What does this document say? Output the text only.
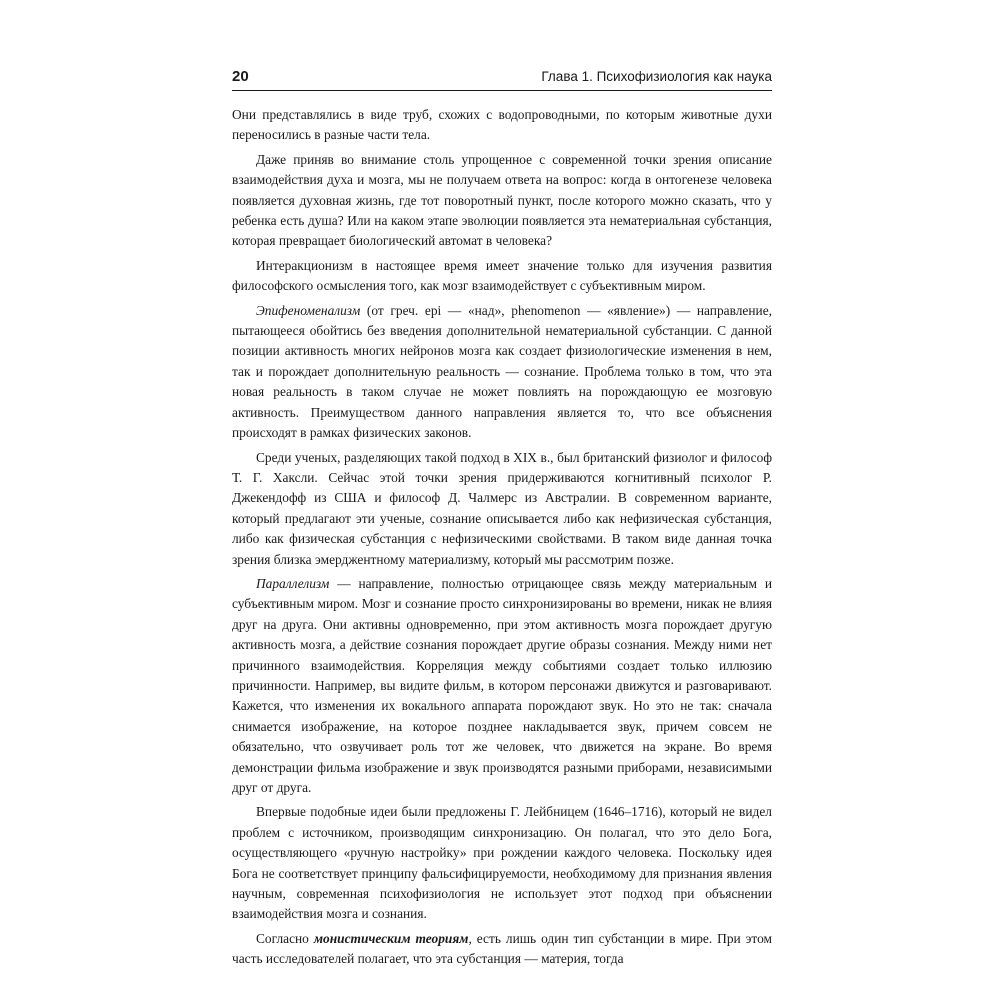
20	Глава 1. Психофизиология как наука

Они представлялись в виде труб, схожих с водопроводными, по которым животные духи переносились в разные части тела.

Даже приняв во внимание столь упрощенное с современной точки зрения описание взаимодействия духа и мозга, мы не получаем ответа на вопрос: когда в онтогенезе человека появляется духовная жизнь, где тот поворотный пункт, после которого можно сказать, что у ребенка есть душа? Или на каком этапе эволюции появляется эта нематериальная субстанция, которая превращает биологический автомат в человека?

Интеракционизм в настоящее время имеет значение только для изучения развития философского осмысления того, как мозг взаимодействует с субъективным миром.

Эпифеноменализм (от греч. epi — «над», phenomenon — «явление») — направление, пытающееся обойтись без введения дополнительной нематериальной субстанции. С данной позиции активность многих нейронов мозга как создает физиологические изменения в нем, так и порождает дополнительную реальность — сознание. Проблема только в том, что эта новая реальность в таком случае не может повлиять на порождающую ее мозговую активность. Преимуществом данного направления является то, что все объяснения происходят в рамках физических законов.

Среди ученых, разделяющих такой подход в XIX в., был британский физиолог и философ Т. Г. Хаксли. Сейчас этой точки зрения придерживаются когнитивный психолог Р. Джекендофф из США и философ Д. Чалмерс из Австралии. В современном варианте, который предлагают эти ученые, сознание описывается либо как нефизическая субстанция, либо как физическая субстанция с нефизическими свойствами. В таком виде данная точка зрения близка эмерджентному материализму, который мы рассмотрим позже.

Параллелизм — направление, полностью отрицающее связь между материальным и субъективным миром. Мозг и сознание просто синхронизированы во времени, никак не влияя друг на друга. Они активны одновременно, при этом активность мозга порождает другую активность мозга, а действие сознания порождает другие образы сознания. Между ними нет причинного взаимодействия. Корреляция между событиями создает только иллюзию причинности. Например, вы видите фильм, в котором персонажи движутся и разговаривают. Кажется, что изменения их вокального аппарата порождают звук. Но это не так: сначала снимается изображение, на которое позднее накладывается звук, причем совсем не обязательно, что озвучивает роль тот же человек, что движется на экране. Во время демонстрации фильма изображение и звук производятся разными приборами, независимыми друг от друга.

Впервые подобные идеи были предложены Г. Лейбницем (1646–1716), который не видел проблем с источником, производящим синхронизацию. Он полагал, что это дело Бога, осуществляющего «ручную настройку» при рождении каждого человека. Поскольку идея Бога не соответствует принципу фальсифицируемости, необходимому для признания явления научным, современная психофизиология не использует этот подход при объяснении взаимодействия мозга и сознания.

Согласно монистическим теориям, есть лишь один тип субстанции в мире. При этом часть исследователей полагает, что эта субстанция — материя, тогда
